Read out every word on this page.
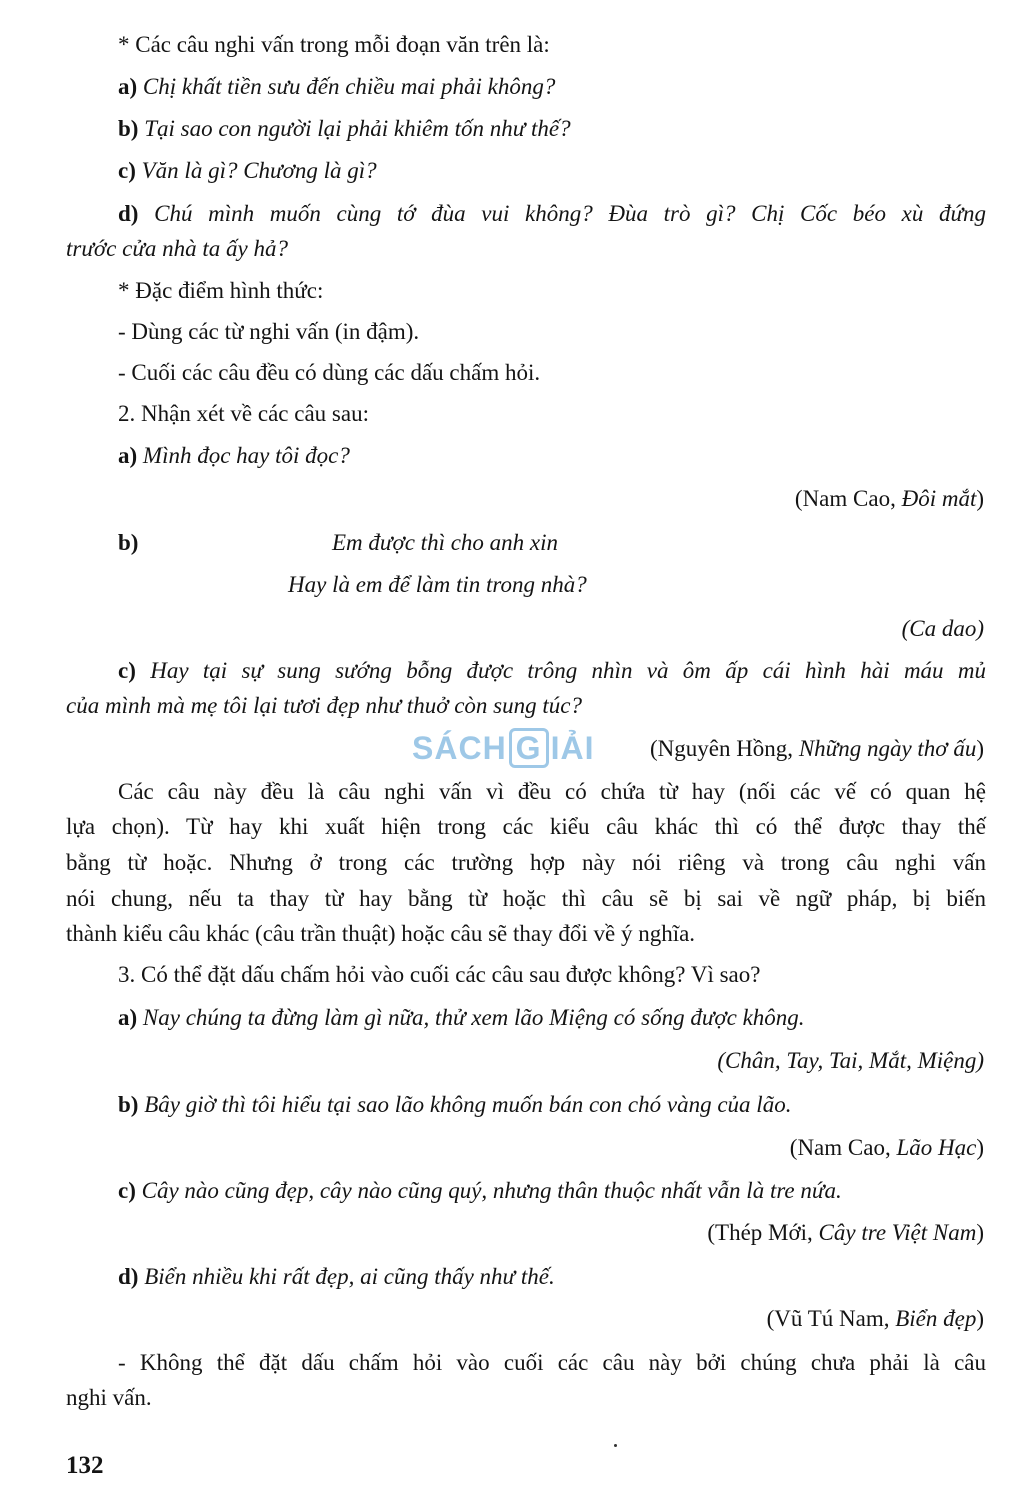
* Các câu nghi vấn trong mỗi đoạn văn trên là:
a) Chị khất tiền sưu đến chiều mai phải không?
b) Tại sao con người lại phải khiêm tốn như thế?
c) Văn là gì? Chương là gì?
d) Chú mình muốn cùng tớ đùa vui không? Đùa trò gì? Chị Cốc béo xù đứng
trước cửa nhà ta ấy hả?
* Đặc điểm hình thức:
- Dùng các từ nghi vấn (in đậm).
- Cuối các câu đều có dùng các dấu chấm hỏi.
2. Nhận xét về các câu sau:
a) Mình đọc hay tôi đọc?
(Nam Cao, Đôi mắt)
b)	Em được thì cho anh xin
Hay là em để làm tin trong nhà?
(Ca dao)
c) Hay tại sự sung sướng bỗng được trông nhìn và ôm ấp cái hình hài máu mủ
của mình mà mẹ tôi lại tươi đẹp như thuở còn sung túc?
SÁCH G IẢI (Nguyên Hồng, Những ngày thơ ấu)
Các câu này đều là câu nghi vấn vì đều có chứa từ hay (nối các vế có quan hệ
lựa chọn). Từ hay khi xuất hiện trong các kiểu câu khác thì có thể được thay thế
bằng từ hoặc. Nhưng ở trong các trường hợp này nói riêng và trong câu nghi vấn
nói chung, nếu ta thay từ hay bằng từ hoặc thì câu sẽ bị sai về ngữ pháp, bị biến
thành kiểu câu khác (câu trần thuật) hoặc câu sẽ thay đổi về ý nghĩa.
3. Có thể đặt dấu chấm hỏi vào cuối các câu sau được không? Vì sao?
a) Nay chúng ta đừng làm gì nữa, thử xem lão Miệng có sống được không.
(Chân, Tay, Tai, Mắt, Miệng)
b) Bây giờ thì tôi hiểu tại sao lão không muốn bán con chó vàng của lão.
(Nam Cao, Lão Hạc)
c) Cây nào cũng đẹp, cây nào cũng quý, nhưng thân thuộc nhất vẫn là tre nứa.
(Thép Mới, Cây tre Việt Nam)
d) Biển nhiều khi rất đẹp, ai cũng thấy như thế.
(Vũ Tú Nam, Biển đẹp)
- Không thể đặt dấu chấm hỏi vào cuối các câu này bởi chúng chưa phải là câu
nghi vấn.
132
